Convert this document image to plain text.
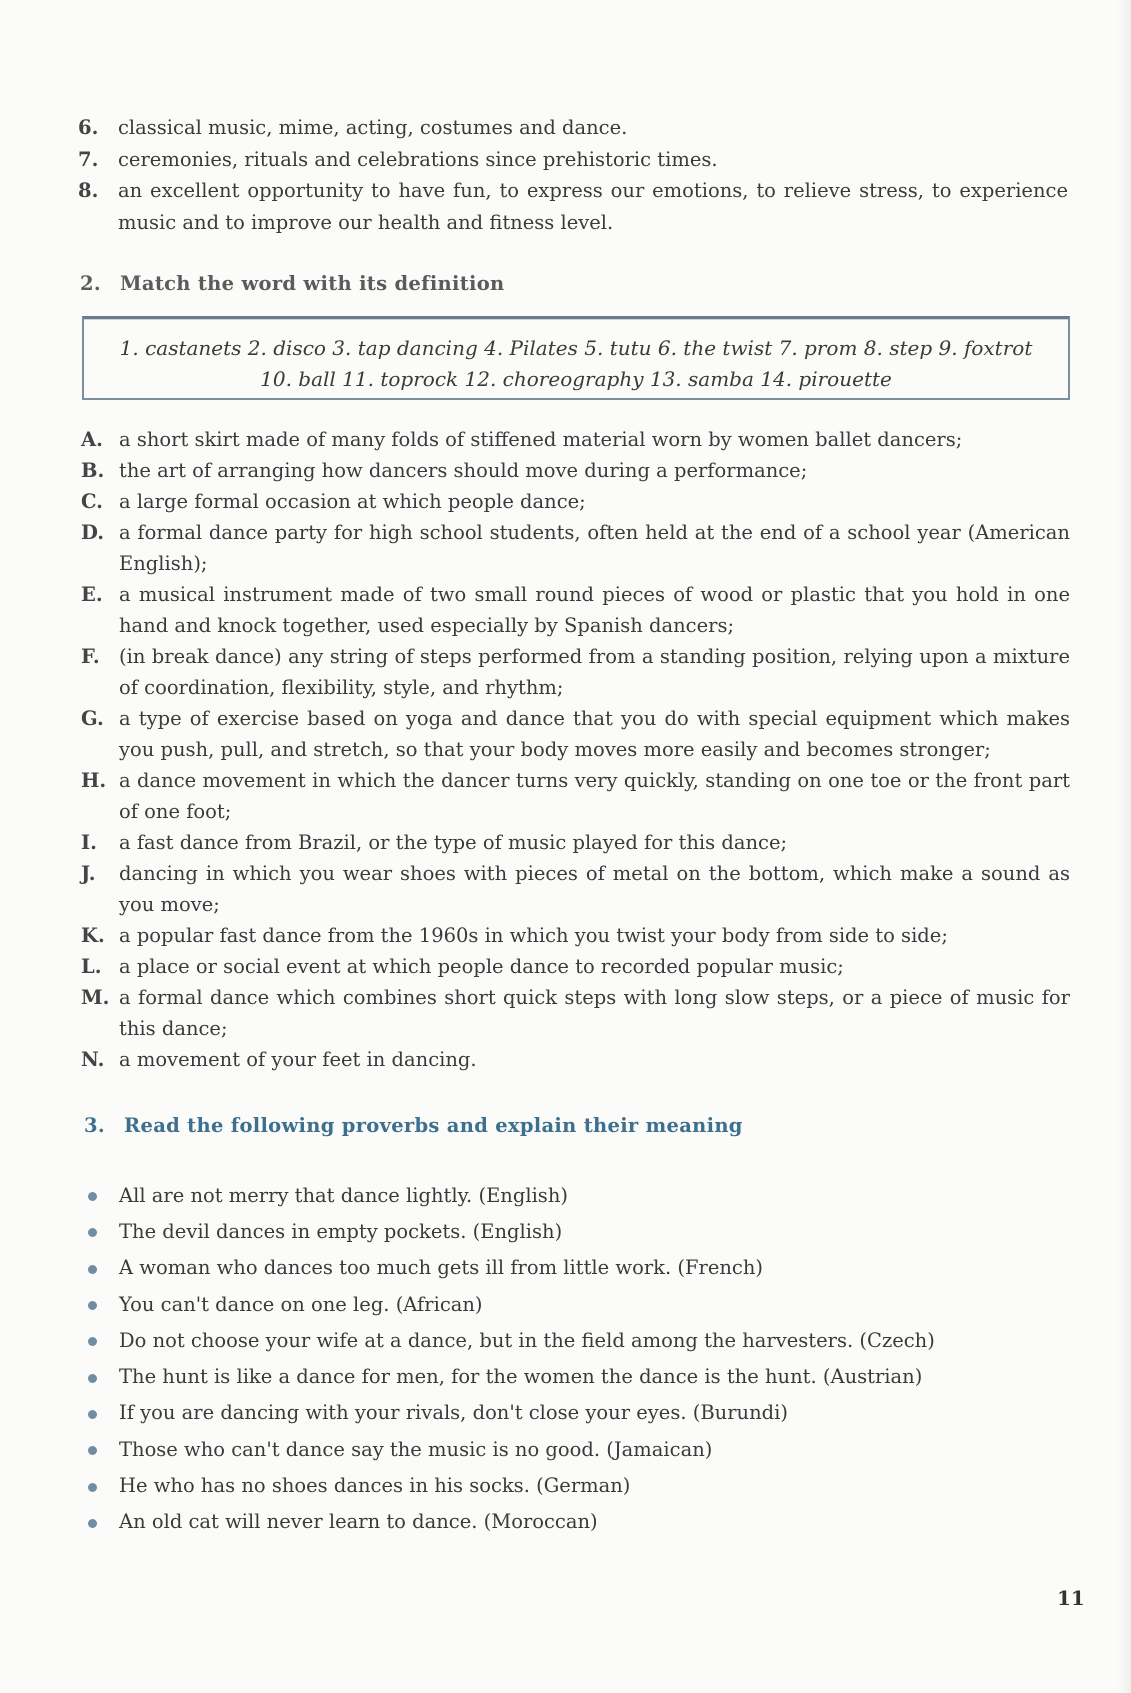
6.	classical music, mime, acting, costumes and dance.
7.	ceremonies, rituals and celebrations since prehistoric times.
8.	an excellent opportunity to have fun, to express our emotions, to relieve stress, to experience music and to improve our health and fitness level.
2. Match the word with its definition
1. castanets 2. disco 3. tap dancing 4. Pilates 5. tutu 6. the twist 7. prom 8. step 9. foxtrot
10. ball 11. toprock 12. choreography 13. samba 14. pirouette
A. a short skirt made of many folds of stiffened material worn by women ballet dancers;
B. the art of arranging how dancers should move during a performance;
C. a large formal occasion at which people dance;
D. a formal dance party for high school students, often held at the end of a school year (American English);
E. a musical instrument made of two small round pieces of wood or plastic that you hold in one hand and knock together, used especially by Spanish dancers;
F. (in break dance) any string of steps performed from a standing position, relying upon a mixture of coordination, flexibility, style, and rhythm;
G. a type of exercise based on yoga and dance that you do with special equipment which makes you push, pull, and stretch, so that your body moves more easily and becomes stronger;
H. a dance movement in which the dancer turns very quickly, standing on one toe or the front part of one foot;
I.	a fast dance from Brazil, or the type of music played for this dance;
J.	dancing in which you wear shoes with pieces of metal on the bottom, which make a sound as you move;
K. a popular fast dance from the 1960s in which you twist your body from side to side;
L. a place or social event at which people dance to recorded popular music;
M. a formal dance which combines short quick steps with long slow steps, or a piece of music for this dance;
N. a movement of your feet in dancing.
3. Read the following proverbs and explain their meaning
All are not merry that dance lightly. (English)
The devil dances in empty pockets. (English)
A woman who dances too much gets ill from little work. (French)
You can't dance on one leg. (African)
Do not choose your wife at a dance, but in the field among the harvesters. (Czech)
The hunt is like a dance for men, for the women the dance is the hunt. (Austrian)
If you are dancing with your rivals, don't close your eyes. (Burundi)
Those who can't dance say the music is no good. (Jamaican)
He who has no shoes dances in his socks. (German)
An old cat will never learn to dance. (Moroccan)
11
